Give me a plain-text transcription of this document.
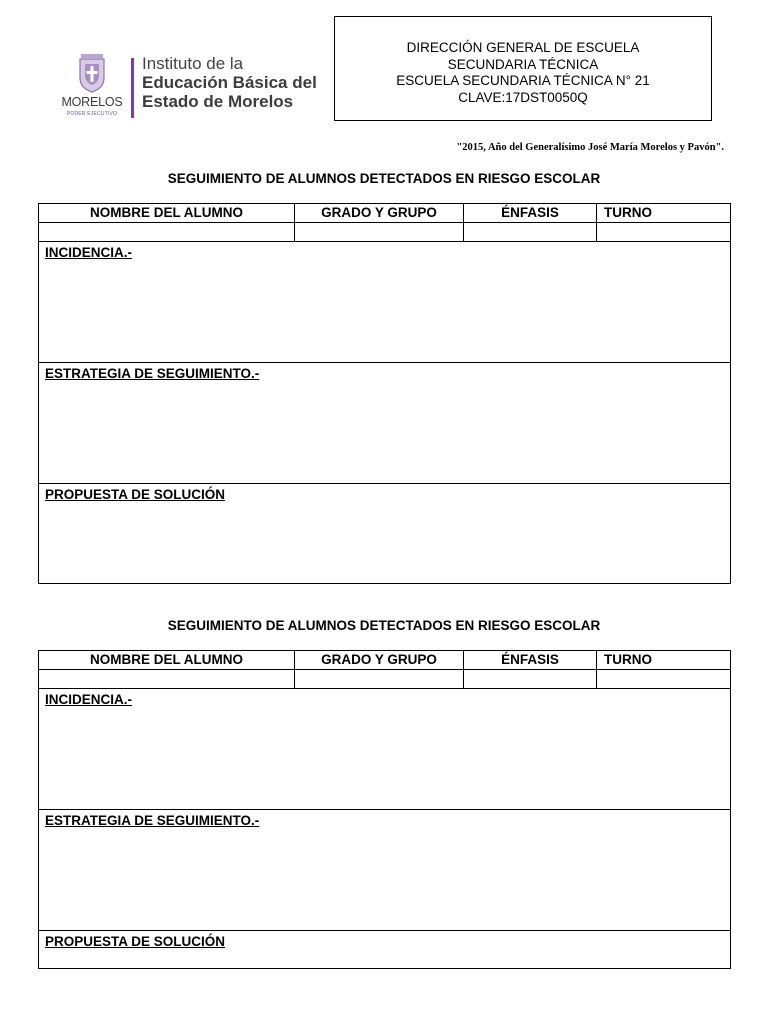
MORELOS
PODER EJECUTIVO
Instituto de la
Educación Básica del
Estado de Morelos
DIRECCIÓN GENERAL DE ESCUELA
SECUNDARIA TÉCNICA
ESCUELA SECUNDARIA TÉCNICA N° 21
CLAVE:17DST0050Q
"2015, Año del Generalísimo José María Morelos y Pavón".
SEGUIMIENTO DE ALUMNOS DETECTADOS EN RIESGO ESCOLAR
NOMBRE DEL ALUMNO	GRADO Y GRUPO	ÉNFASIS	TURNO
INCIDENCIA.-
ESTRATEGIA DE SEGUIMIENTO.-
PROPUESTA DE SOLUCIÓN
SEGUIMIENTO DE ALUMNOS DETECTADOS EN RIESGO ESCOLAR
NOMBRE DEL ALUMNO	GRADO Y GRUPO	ÉNFASIS	TURNO
INCIDENCIA.-
ESTRATEGIA DE SEGUIMIENTO.-
PROPUESTA DE SOLUCIÓN
